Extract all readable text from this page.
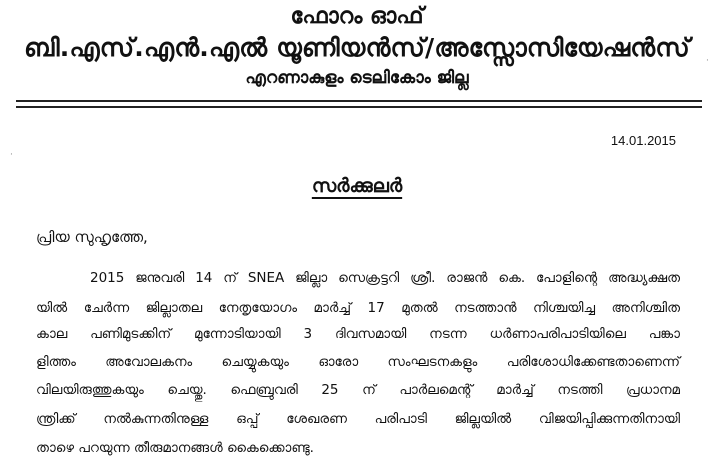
ഫോറം ഓഫ്
ബി.എസ്.എൻ.എൽ യൂണിയൻസ്/അസ്സോസിയേഷൻസ്
എറണാകുളം ടെലികോം ജില്ല
14.01.2015
സർക്കുലർ
പ്രിയ സുഹൃത്തേ,
2015 ജനുവരി 14 ന് SNEA ജില്ലാ സെക്രട്ടറി ശ്രീ. രാജൻ കെ. പോളിന്റെ അദ്ധ്യക്ഷത
യിൽ ചേർന്ന ജില്ലാതല നേതൃയോഗം മാർച്ച് 17 മുതൽ നടത്താൻ നിശ്ചയിച്ച അനിശ്ചിത
കാല പണിമുടക്കിന് മുന്നോടിയായി 3 ദിവസമായി നടന്ന ധർണാപരിപാടിയിലെ പങ്കാ
ളിത്തം അവോലകനം ചെയ്യുകയും ഓരോ സംഘടനകളും പരിശോധിക്കേണ്ടതാണെന്ന്
വിലയിരുത്തുകയും ചെയ്തു. ഫെബ്രുവരി 25 ന് പാർലമെന്റ് മാർച്ച് നടത്തി പ്രധാനമ
ന്ത്രിക്ക് നൽകുന്നതിനുള്ള ഒപ്പ് ശേഖരണ പരിപാടി ജില്ലയിൽ വിജയിപ്പിക്കുന്നതിനായി
താഴെ പറയുന്ന തീരുമാനങ്ങൾ കൈക്കൊണ്ടു.
·
·
